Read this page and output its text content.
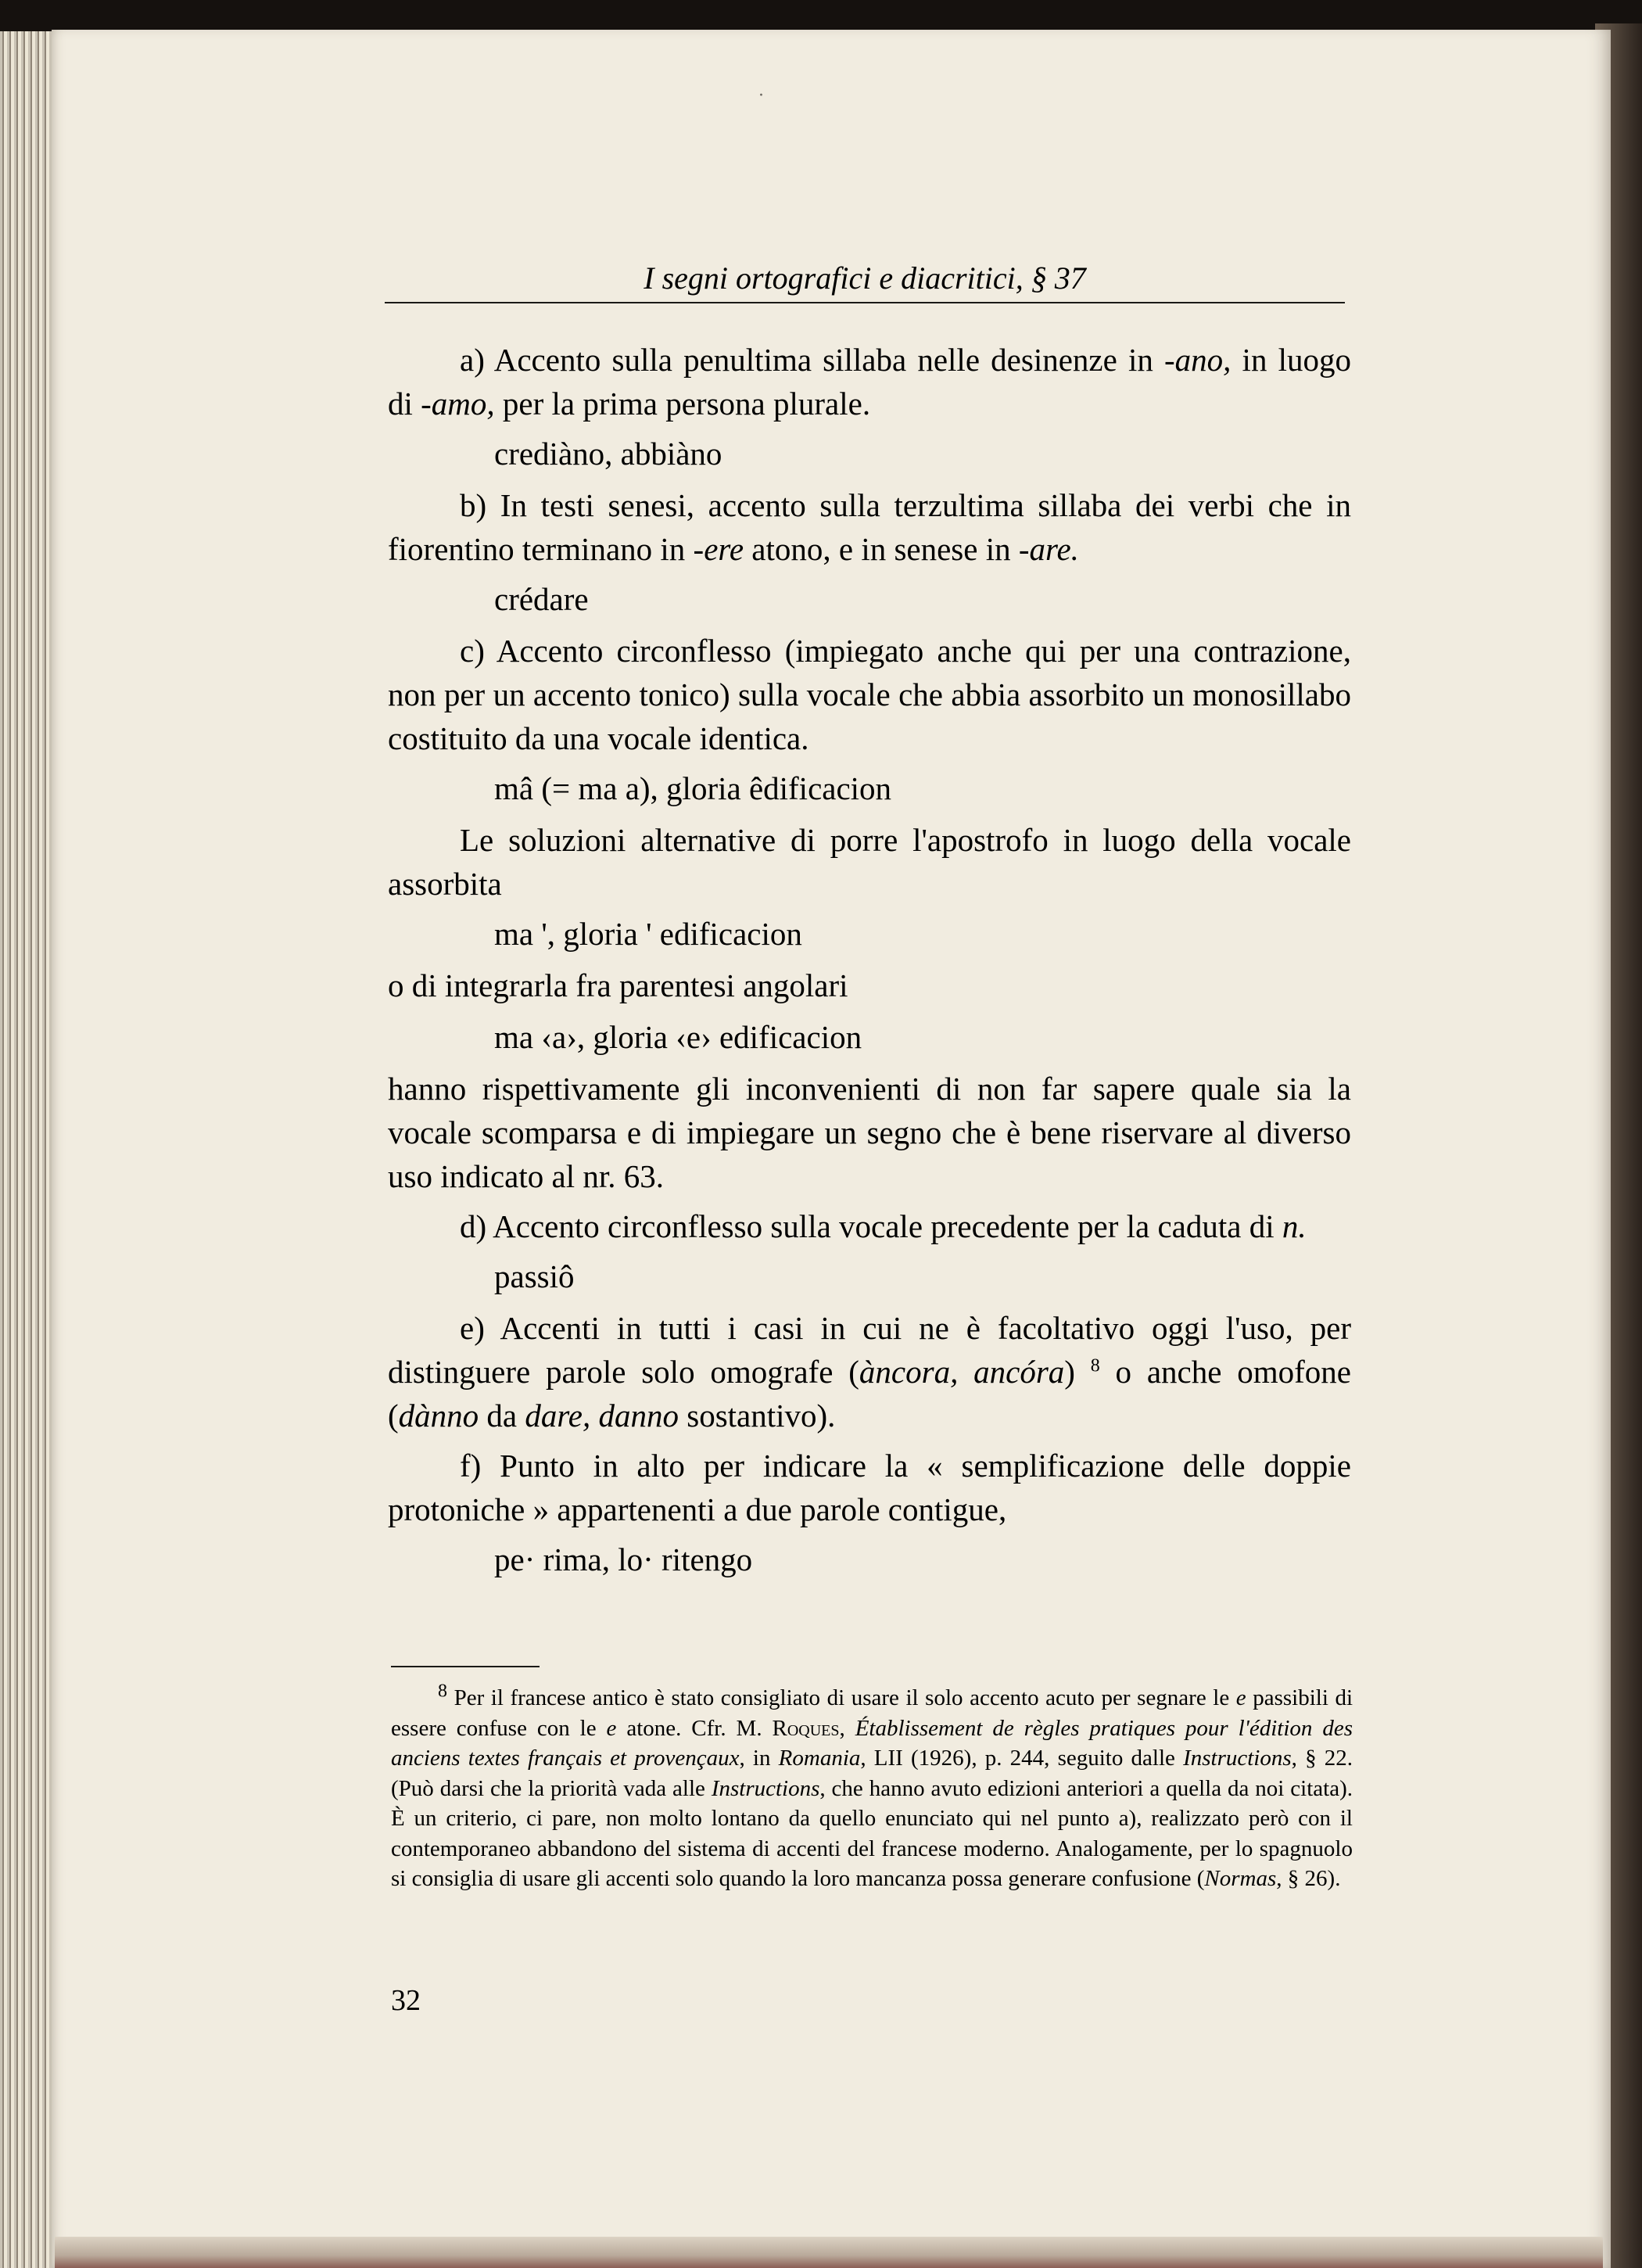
·
I segni ortografici e diacritici, § 37

a) Accento sulla penultima sillaba nelle desinenze in -ano, in luogo di -amo, per la prima persona plurale.

crediàno, abbiàno

b) In testi senesi, accento sulla terzultima sillaba dei verbi che in fiorentino terminano in -ere atono, e in senese in -are.

crédare

c) Accento circonflesso (impiegato anche qui per una contrazione, non per un accento tonico) sulla vocale che abbia assorbito un monosillabo costituito da una vocale identica.

mâ (= ma a), gloria êdificacion

Le soluzioni alternative di porre l'apostrofo in luogo della vocale assorbita

ma ', gloria ' edificacion
o di integrarla fra parentesi angolari
ma ‹a›, gloria ‹e› edificacion

hanno rispettivamente gli inconvenienti di non far sapere quale sia la vocale scomparsa e di impiegare un segno che è bene riservare al diverso uso indicato al nr. 63.

d) Accento circonflesso sulla vocale precedente per la caduta di n.

passiô

e) Accenti in tutti i casi in cui ne è facoltativo oggi l'uso, per distinguere parole solo omografe (àncora, ancóra) $^8$ o anche omofone (dànno da dare, danno sostantivo).

f) Punto in alto per indicare la « semplificazione delle doppie protoniche » appartenenti a due parole contigue,

pe· rima, lo· ritengo
$^8$ Per il francese antico è stato consigliato di usare il solo accento acuto per segnare le e passibili di essere confuse con le e atone. Cfr. M. Roques, Établissement de règles pratiques pour l'édition des anciens textes français et provençaux, in Romania, LII (1926), p. 244, seguito dalle Instructions, § 22. (Può darsi che la priorità vada alle Instructions, che hanno avuto edizioni anteriori a quella da noi citata). È un criterio, ci pare, non molto lontano da quello enunciato qui nel punto a), realizzato però con il contemporaneo abbandono del sistema di accenti del francese moderno. Analogamente, per lo spagnuolo si consiglia di usare gli accenti solo quando la loro mancanza possa generare confusione (Normas, § 26).
32
